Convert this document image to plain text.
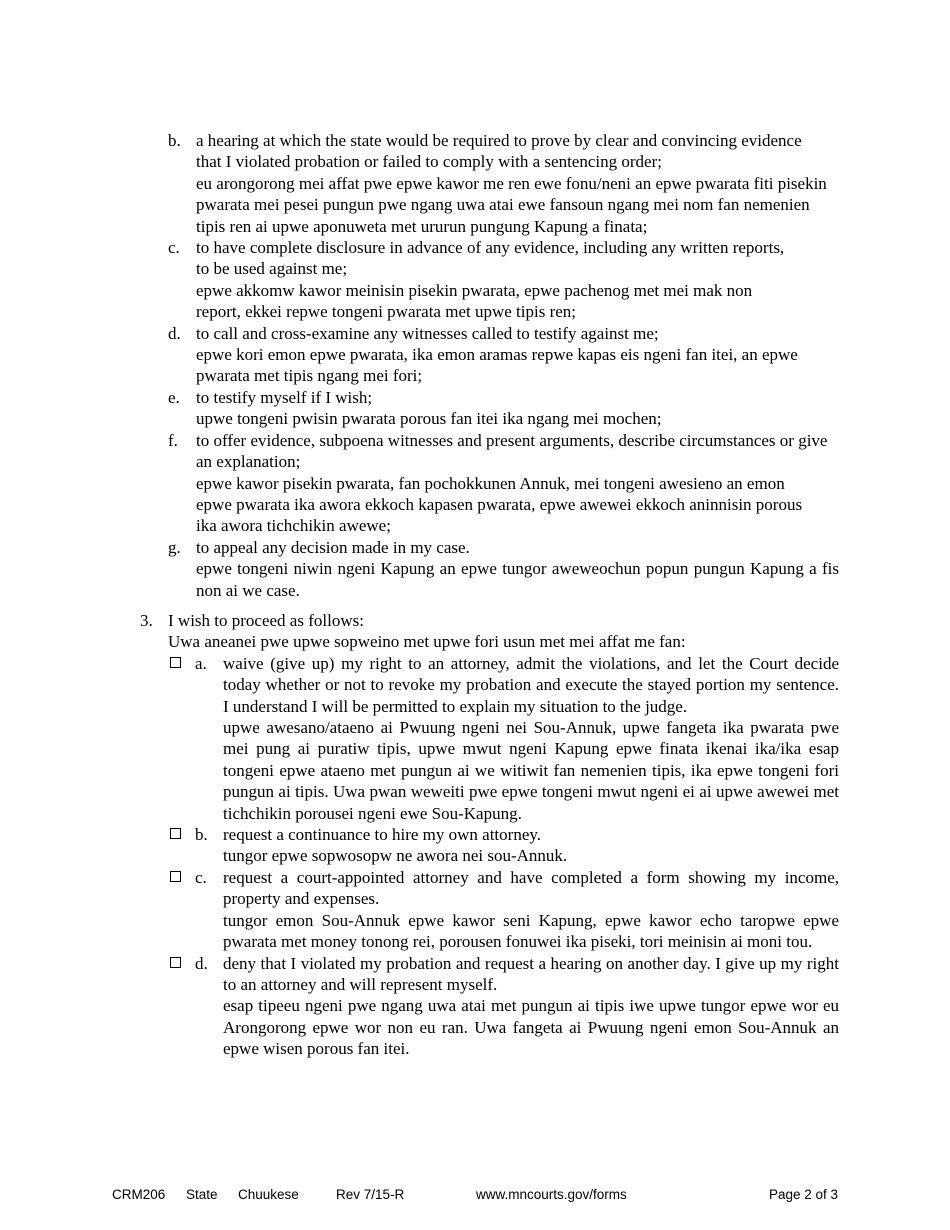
b. a hearing at which the state would be required to prove by clear and convincing evidence that I violated probation or failed to comply with a sentencing order;
eu arongorong mei affat pwe epwe kawor me ren ewe fonu/neni an epwe pwarata fiti pisekin pwarata mei pesei pungun pwe ngang uwa atai ewe fansoun ngang mei nom fan nemenien tipis ren ai upwe aponuweta met ururun pungung Kapung a finata;
c. to have complete disclosure in advance of any evidence, including any written reports, to be used against me;
epwe akkomw kawor meinisin pisekin pwarata, epwe pachenog met mei mak non report, ekkei repwe tongeni pwarata met upwe tipis ren;
d. to call and cross-examine any witnesses called to testify against me;
epwe kori emon epwe pwarata, ika emon aramas repwe kapas eis ngeni fan itei, an epwe pwarata met tipis ngang mei fori;
e. to testify myself if I wish;
upwe tongeni pwisin pwarata porous fan itei ika ngang mei mochen;
f.	to offer evidence, subpoena witnesses and present arguments, describe circumstances or give an explanation;
epwe kawor pisekin pwarata, fan pochokkunen Annuk, mei tongeni awesieno an emon epwe pwarata ika awora ekkoch kapasen pwarata, epwe awewei ekkoch aninnisin porous ika awora tichchikin awewe;
g. to appeal any decision made in my case.
epwe tongeni niwin ngeni Kapung an epwe tungor aweweochun popun pungun Kapung a fis non ai we case.
3. I wish to proceed as follows:
Uwa aneanei pwe upwe sopweino met upwe fori usun met mei affat me fan:
a. waive (give up) my right to an attorney, admit the violations, and let the Court decide today whether or not to revoke my probation and execute the stayed portion my sentence. I understand I will be permitted to explain my situation to the judge.

upwe awesano/ataeno ai Pwuung ngeni nei Sou-Annuk, upwe fangeta ika pwarata pwe mei pung ai puratiw tipis, upwe mwut ngeni Kapung epwe finata ikenai ika/ika esap tongeni epwe ataeno met pungun ai we witiwit fan nemenien tipis, ika epwe tongeni fori pungun ai tipis. Uwa pwan weweiti pwe epwe tongeni mwut ngeni ei ai upwe awewei met tichchikin porousei ngeni ewe Sou-Kapung.

b. request a continuance to hire my own attorney.

tungor epwe sopwosopw ne awora nei sou-Annuk.

c. request a court-appointed attorney and have completed a form showing my income, property and expenses.

tungor emon Sou-Annuk epwe kawor seni Kapung, epwe kawor echo taropwe epwe pwarata met money tonong rei, porousen fonuwei ika piseki, tori meinisin ai moni tou.

d. deny that I violated my probation and request a hearing on another day. I give up my right to an attorney and will represent myself.

esap tipeeu ngeni pwe ngang uwa atai met pungun ai tipis iwe upwe tungor epwe wor eu Arongorong epwe wor non eu ran. Uwa fangeta ai Pwuung ngeni emon Sou-Annuk an epwe wisen porous fan itei.

CRM206 State Chuukese	Rev 7/15-R	www.mncourts.gov/forms	Page 2 of 3
